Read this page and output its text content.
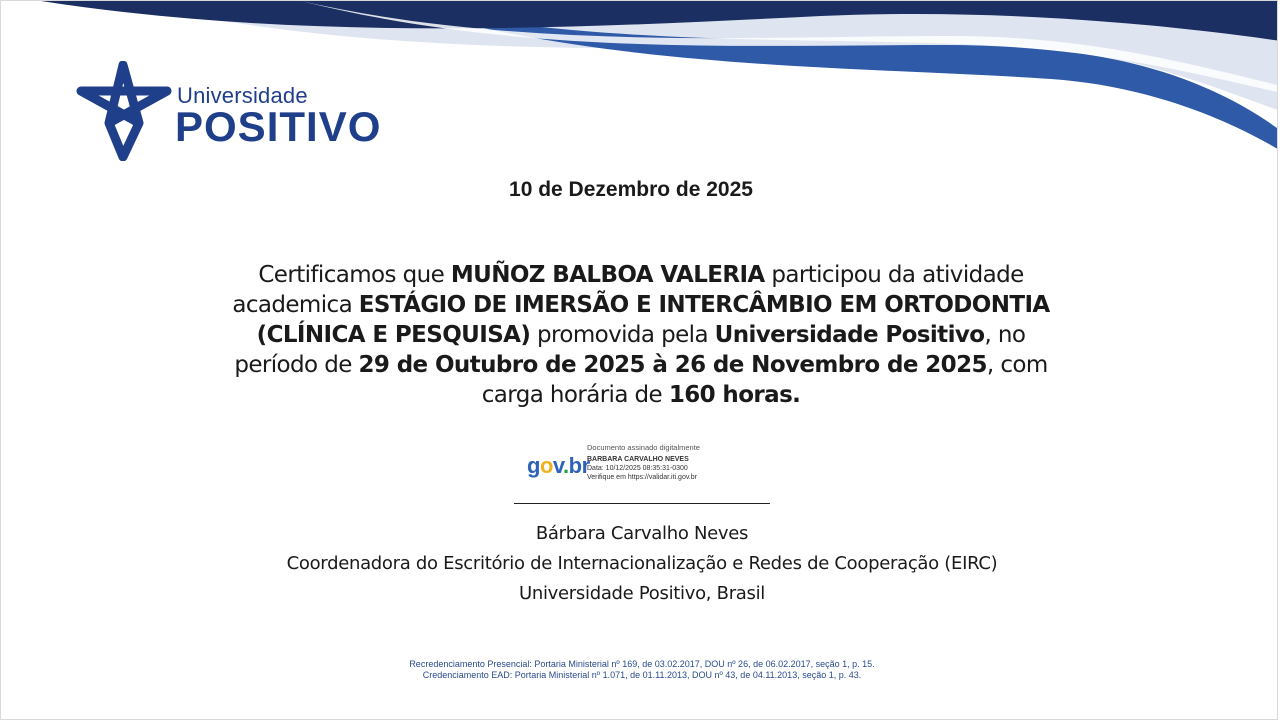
Universidade
POSITIVO
10 de Dezembro de 2025
Certificamos que MUÑOZ BALBOA VALERIA participou da atividade academica ESTÁGIO DE IMERSÃO E INTERCÂMBIO EM ORTODONTIA (CLÍNICA E PESQUISA) promovida pela Universidade Positivo, no período de 29 de Outubro de 2025 à 26 de Novembro de 2025, com carga horária de 160 horas.
gov.br
Documento assinado digitalmente
BARBARA CARVALHO NEVES
Data: 10/12/2025 08:35:31-0300
Verifique em https://validar.iti.gov.br
Bárbara Carvalho Neves
Coordenadora do Escritório de Internacionalização e Redes de Cooperação (EIRC)
Universidade Positivo, Brasil
Recredenciamento Presencial: Portaria Ministerial nº 169, de 03.02.2017, DOU nº 26, de 06.02.2017, seção 1, p. 15.
Credenciamento EAD: Portaria Ministerial nº 1.071, de 01.11.2013, DOU nº 43, de 04.11.2013, seção 1, p. 43.
